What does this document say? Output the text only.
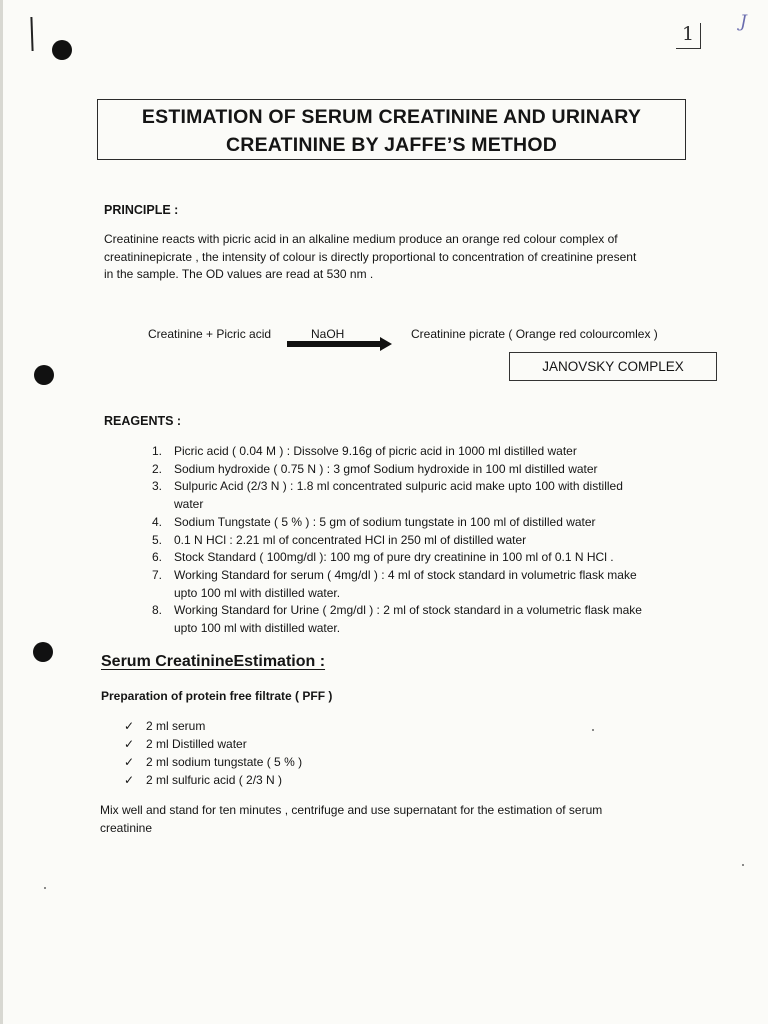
1
J
ESTIMATION OF SERUM CREATININE AND URINARY
CREATININE BY JAFFE’S METHOD
PRINCIPLE :
Creatinine reacts with picric acid in an alkaline medium produce an orange red colour complex of
creatininepicrate , the intensity of colour is directly proportional to concentration of creatinine present
in the sample. The OD values are read at 530 nm .
Creatinine + Picric acid	NaOH	Creatinine picrate ( Orange red colourcomlex )
JANOVSKY COMPLEX
REAGENTS :
1. Picric acid ( 0.04 M ) : Dissolve 9.16g of picric acid in 1000 ml distilled water
2. Sodium hydroxide ( 0.75 N ) : 3 gmof Sodium hydroxide in 100 ml distilled water
3. Sulpuric Acid (2/3 N ) : 1.8 ml concentrated sulpuric acid make upto 100 with distilled
water
4. Sodium Tungstate ( 5 % ) : 5 gm of sodium tungstate in 100 ml of distilled water
5. 0.1 N HCl : 2.21 ml of concentrated HCl in 250 ml of distilled water
6. Stock Standard ( 100mg/dl ): 100 mg of pure dry creatinine in 100 ml of 0.1 N HCl .
7. Working Standard for serum ( 4mg/dl ) : 4 ml of stock standard in volumetric flask make
upto 100 ml with distilled water.
8. Working Standard for Urine ( 2mg/dl ) : 2 ml of stock standard in a volumetric flask make
upto 100 ml with distilled water.
Serum CreatinineEstimation :
Preparation of protein free filtrate ( PFF )
✓ 2 ml serum
✓ 2 ml Distilled water
✓ 2 ml sodium tungstate ( 5 % )
✓ 2 ml sulfuric acid ( 2/3 N )
Mix well and stand for ten minutes , centrifuge and use supernatant for the estimation of serum
creatinine
